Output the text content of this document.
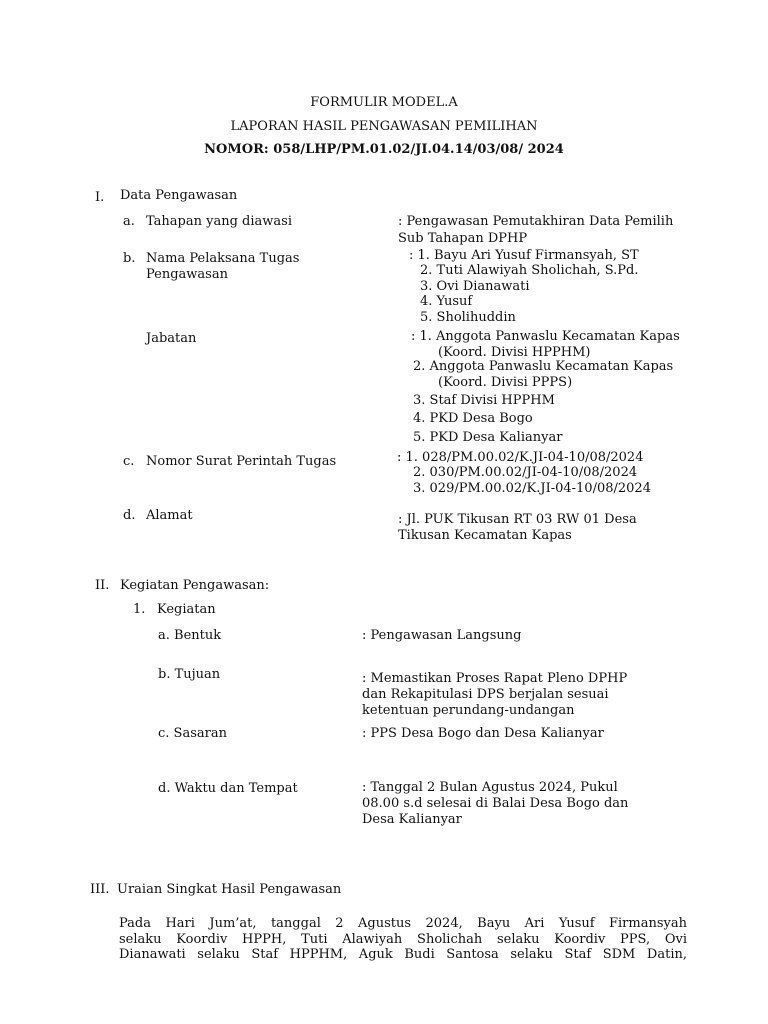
FORMULIR MODEL.A
LAPORAN HASIL PENGAWASAN PEMILIHAN
NOMOR: 058/LHP/PM.01.02/JI.04.14/03/08/ 2024
I. Data Pengawasan
a. Tahapan yang diawasi	: Pengawasan Pemutakhiran Data Pemilih
Sub Tahapan DPHP
b. Nama Pelaksana Tugas
Pengawasan
: 1. Bayu Ari Yusuf Firmansyah, ST
2. Tuti Alawiyah Sholichah, S.Pd.
3. Ovi Dianawati
4. Yusuf
5. Sholihuddin
Jabatan	: 1. Anggota Panwaslu Kecamatan Kapas
(Koord. Divisi HPPHM)
2. Anggota Panwaslu Kecamatan Kapas
(Koord. Divisi PPPS)
3. Staf Divisi HPPHM
4. PKD Desa Bogo
5. PKD Desa Kalianyar
c. Nomor Surat Perintah Tugas	: 1. 028/PM.00.02/K.JI-04-10/08/2024
2. 030/PM.00.02/JI-04-10/08/2024
3. 029/PM.00.02/K.JI-04-10/08/2024
d. Alamat	: Jl. PUK Tikusan RT 03 RW 01 Desa
Tikusan Kecamatan Kapas
II. Kegiatan Pengawasan:
1. Kegiatan
a. Bentuk	: Pengawasan Langsung
b. Tujuan	: Memastikan Proses Rapat Pleno DPHP
dan Rekapitulasi DPS berjalan sesuai
ketentuan perundang-undangan
c. Sasaran	: PPS Desa Bogo dan Desa Kalianyar
d. Waktu dan Tempat	: Tanggal 2 Bulan Agustus 2024, Pukul
08.00 s.d selesai di Balai Desa Bogo dan
Desa Kalianyar
III. Uraian Singkat Hasil Pengawasan
Pada Hari Jum’at, tanggal 2 Agustus 2024, Bayu Ari Yusuf Firmansyah
selaku Koordiv HPPH, Tuti Alawiyah Sholichah selaku Koordiv PPS, Ovi
Dianawati selaku Staf HPPHM, Aguk Budi Santosa selaku Staf SDM Datin,
